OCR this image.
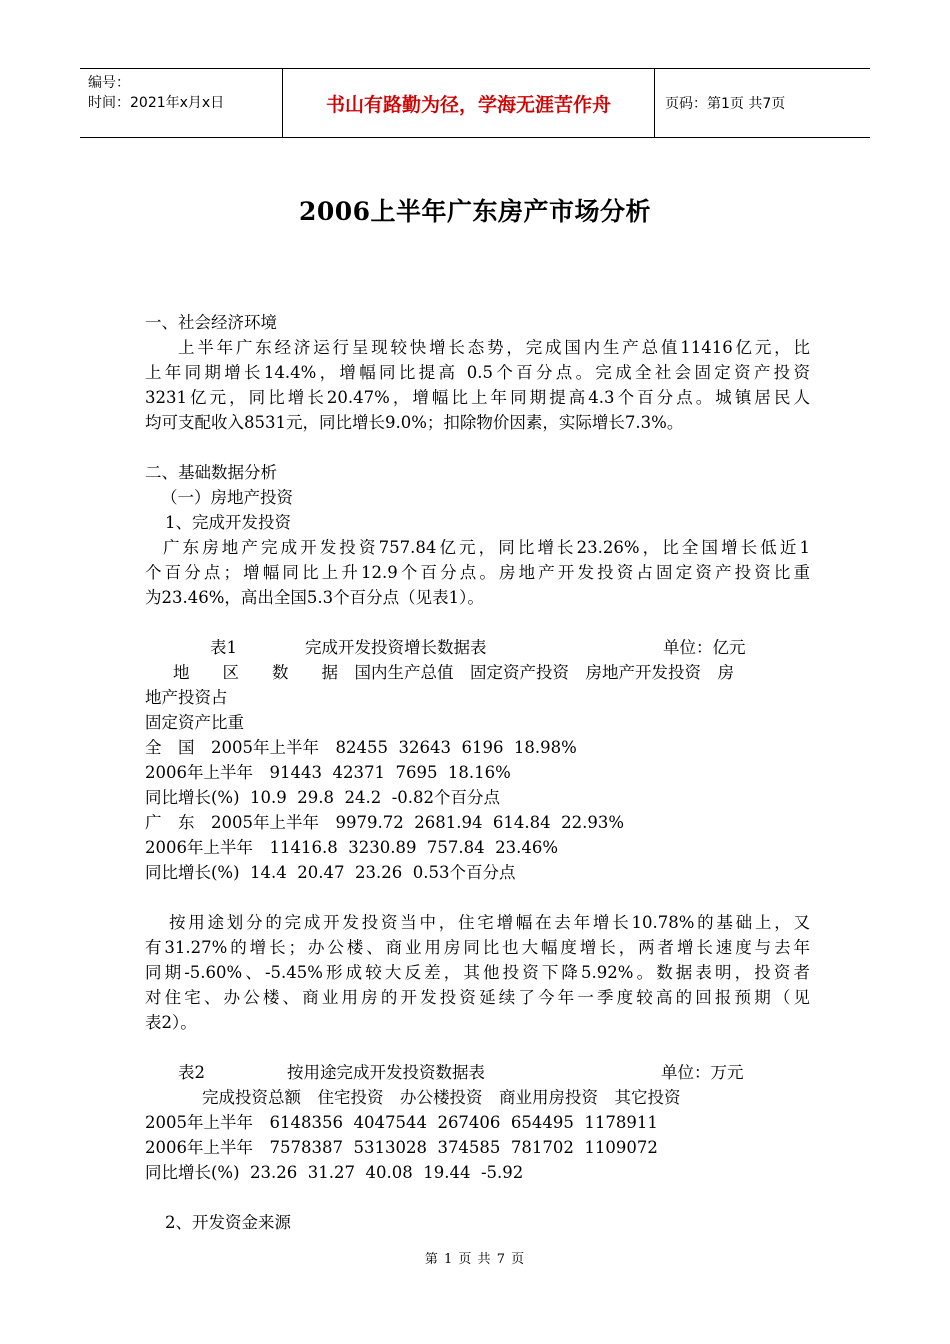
编号：
时间：2021年x月x日	书山有路勤为径，学海无涯苦作舟	页码：第1页 共7页
2006上半年广东房产市场分析
一、社会经济环境
上半年广东经济运行呈现较快增长态势，完成国内生产总值11416亿元，比
上年同期增长14.4%，增幅同比提高 0.5个百分点。完成全社会固定资产投资
3231亿元，同比增长20.47%，增幅比上年同期提高4.3个百分点。城镇居民人
均可支配收入8531元，同比增长9.0%；扣除物价因素，实际增长7.3%。
二、基础数据分析
（一）房地产投资
1、完成开发投资
广东房地产完成开发投资757.84亿元，同比增长23.26%，比全国增长低近1
个百分点；增幅同比上升12.9个百分点。房地产开发投资占固定资产投资比重
为23.46%，高出全国5.3个百分点（见表1）。
表1	完成开发投资增长数据表	单位：亿元
地　　区　　数　　据　国内生产总值　固定资产投资　房地产开发投资　房
地产投资占
固定资产比重
全　国　2005年上半年　82455  32643  6196  18.98%
2006年上半年　91443  42371  7695  18.16%
同比增长(%)  10.9  29.8  24.2  -0.82个百分点
广　东　2005年上半年　9979.72  2681.94  614.84  22.93%
2006年上半年　11416.8  3230.89  757.84  23.46%
同比增长(%)  14.4  20.47  23.26  0.53个百分点
按用途划分的完成开发投资当中，住宅增幅在去年增长10.78%的基础上，又
有31.27%的增长；办公楼、商业用房同比也大幅度增长，两者增长速度与去年
同期-5.60%、-5.45%形成较大反差，其他投资下降5.92%。数据表明，投资者
对住宅、办公楼、商业用房的开发投资延续了今年一季度较高的回报预期（见
表2）。
表2	按用途完成开发投资数据表	单位：万元
完成投资总额　住宅投资　办公楼投资　商业用房投资　其它投资
2005年上半年　6148356  4047544  267406  654495  1178911
2006年上半年　7578387  5313028  374585  781702  1109072
同比增长(%)  23.26  31.27  40.08  19.44  -5.92
2、开发资金来源
第 1 页 共 7 页
